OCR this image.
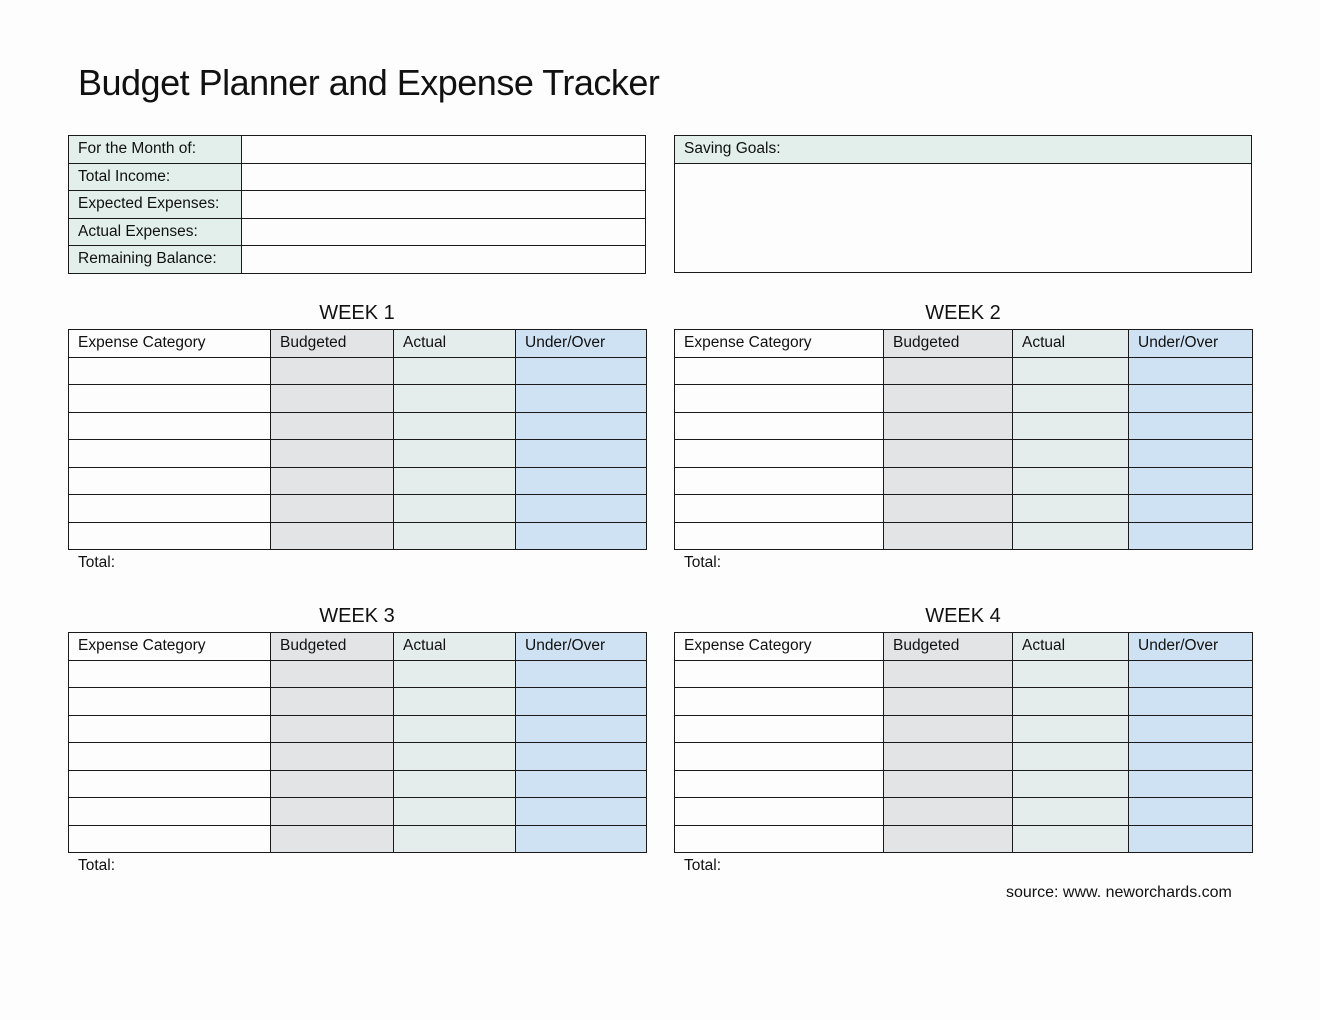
Budget Planner and Expense Tracker
For the Month of:	
Total Income:	
Expected Expenses:	
Actual Expenses:	
Remaining Balance:	
Saving Goals:

WEEK 1
Expense Category	Budgeted	Actual	Under/Over

Total:
WEEK 2
Expense Category	Budgeted	Actual	Under/Over

Total:
WEEK 3
Expense Category	Budgeted	Actual	Under/Over

Total:
WEEK 4
Expense Category	Budgeted	Actual	Under/Over

Total:
source: www. neworchards.com
